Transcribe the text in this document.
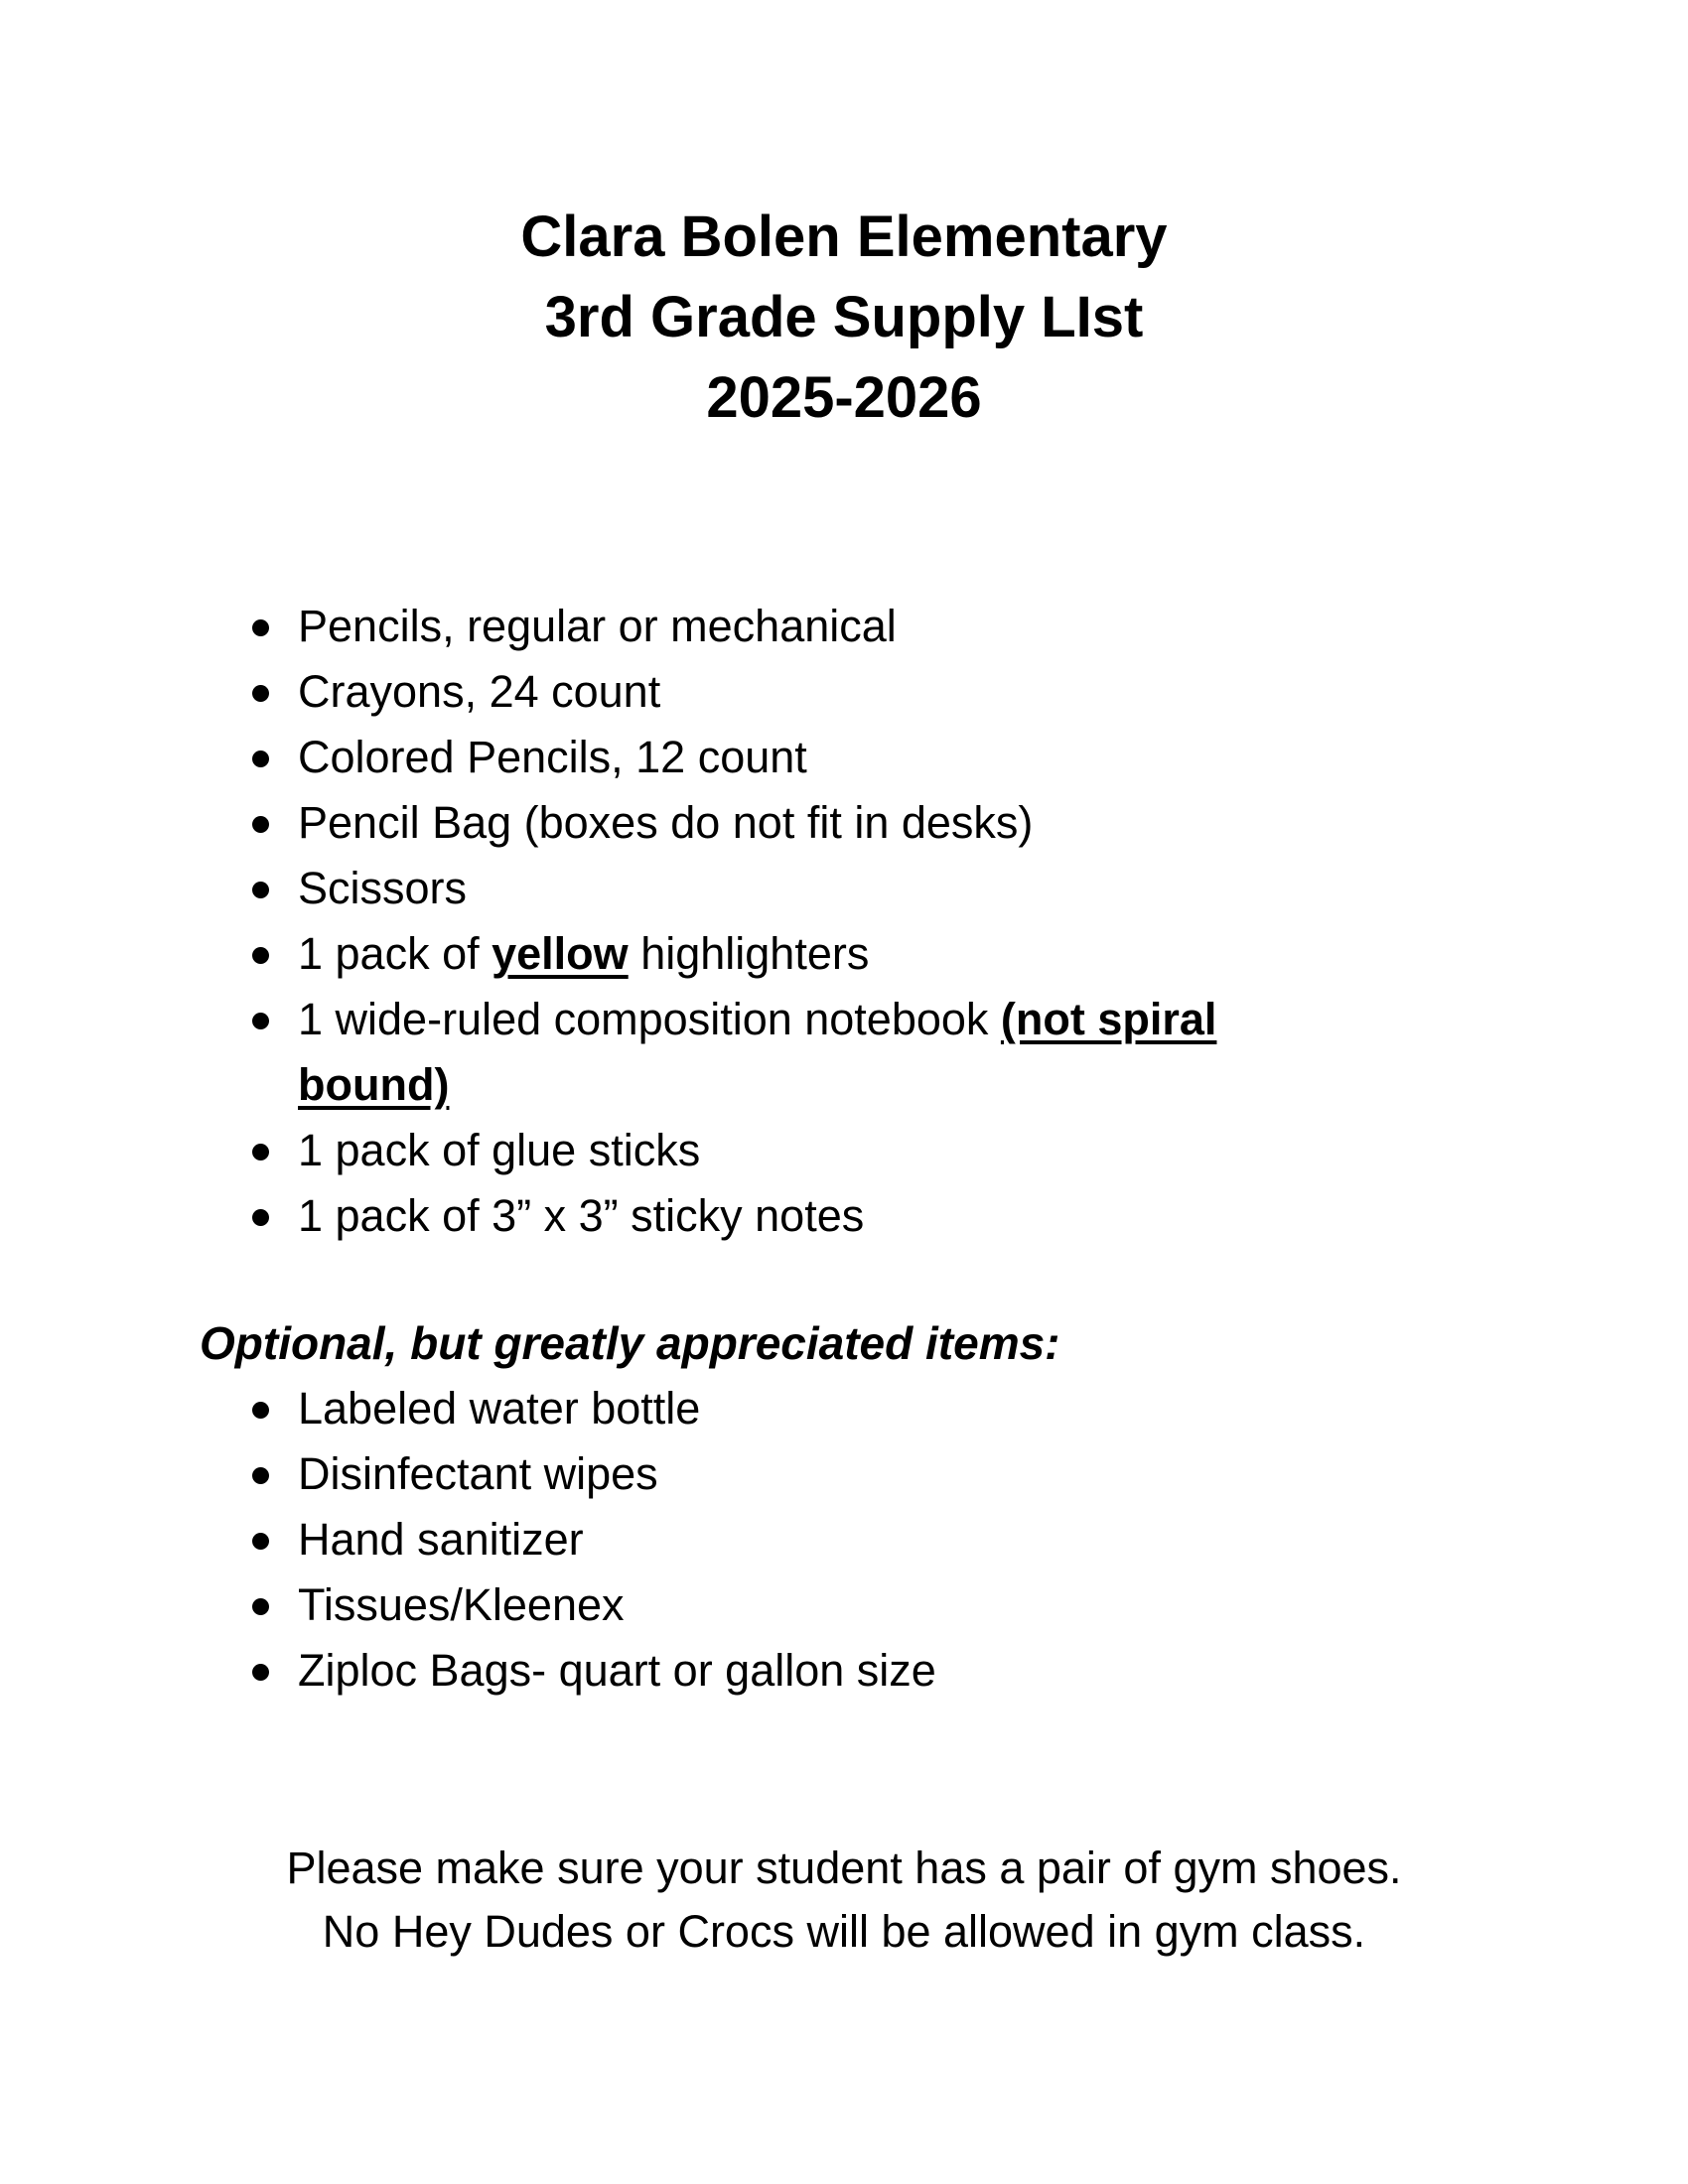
Clara Bolen Elementary
3rd Grade Supply LIst
2025-2026
Pencils, regular or mechanical
Crayons, 24 count
Colored Pencils, 12 count
Pencil Bag (boxes do not fit in desks)
Scissors
1 pack of yellow highlighters
1 wide-ruled composition notebook (not spiral bound)
1 pack of glue sticks
1 pack of 3” x 3” sticky notes
Optional, but greatly appreciated items:
Labeled water bottle
Disinfectant wipes
Hand sanitizer
Tissues/Kleenex
Ziploc Bags- quart or gallon size
Please make sure your student has a pair of gym shoes.
No Hey Dudes or Crocs will be allowed in gym class.
